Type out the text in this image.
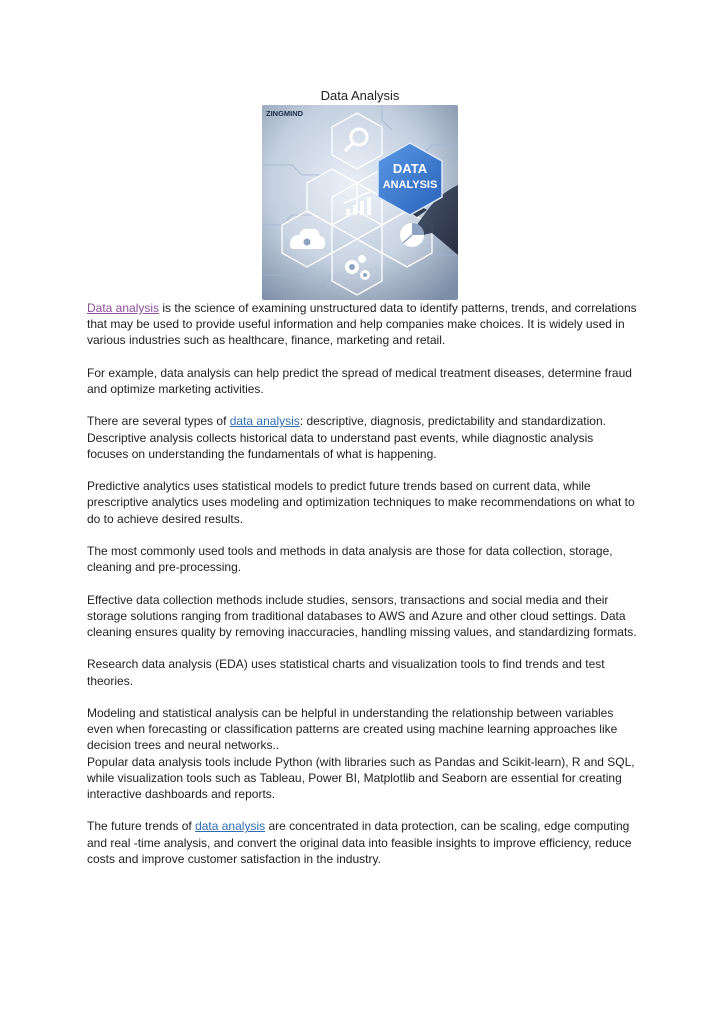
Data Analysis
DATA
ANALYSIS
ZINGMIND

Data analysis is the science of examining unstructured data to identify patterns, trends, and correlations that may be used to provide useful information and help companies make choices. It is widely used in various industries such as healthcare, finance, marketing and retail.

For example, data analysis can help predict the spread of medical treatment diseases, determine fraud and optimize marketing activities.

There are several types of data analysis: descriptive, diagnosis, predictability and standardization. Descriptive analysis collects historical data to understand past events, while diagnostic analysis focuses on understanding the fundamentals of what is happening.

Predictive analytics uses statistical models to predict future trends based on current data, while prescriptive analytics uses modeling and optimization techniques to make recommendations on what to do to achieve desired results.

The most commonly used tools and methods in data analysis are those for data collection, storage, cleaning and pre-processing.

Effective data collection methods include studies, sensors, transactions and social media and their storage solutions ranging from traditional databases to AWS and Azure and other cloud settings. Data cleaning ensures quality by removing inaccuracies, handling missing values, and standardizing formats.

Research data analysis (EDA) uses statistical charts and visualization tools to find trends and test theories.

Modeling and statistical analysis can be helpful in understanding the relationship between variables even when forecasting or classification patterns are created using machine learning approaches like decision trees and neural networks..

Popular data analysis tools include Python (with libraries such as Pandas and Scikit-learn), R and SQL, while visualization tools such as Tableau, Power BI, Matplotlib and Seaborn are essential for creating interactive dashboards and reports.

The future trends of data analysis are concentrated in data protection, can be scaling, edge computing and real -time analysis, and convert the original data into feasible insights to improve efficiency, reduce costs and improve customer satisfaction in the industry.
